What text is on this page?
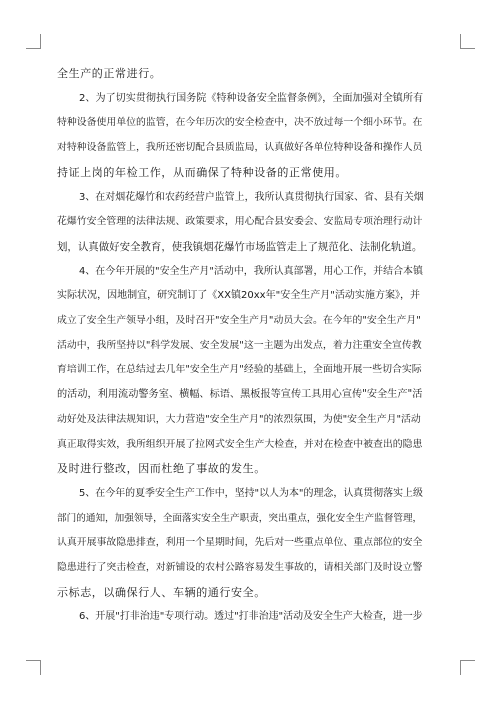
全生产的正常进行。

2、为了切实贯彻执行国务院《特种设备安全监督条例》，全面加强对全镇所有
特种设备使用单位的监管，在今年历次的安全检查中，决不放过每一个细小环节。在
对特种设备监管上，我所还密切配合县质监局，认真做好各单位特种设备和操作人员
持证上岗的年检工作，从而确保了特种设备的正常使用。

3、在对烟花爆竹和农药经营户监管上，我所认真贯彻执行国家、省、县有关烟
花爆竹安全管理的法律法规、政策要求，用心配合县安委会、安监局专项治理行动计
划，认真做好安全教育，使我镇烟花爆竹市场监管走上了规范化、法制化轨道。

4、在今年开展的"安全生产月"活动中，我所认真部署，用心工作，并结合本镇
实际状况，因地制宜，研究制订了《XX镇20xx年"安全生产月"活动实施方案》，并
成立了安全生产领导小组，及时召开"安全生产月"动员大会。在今年的"安全生产月"
活动中，我所坚持以"科学发展、安全发展"这一主题为出发点，着力注重安全宣传教
育培训工作，在总结过去几年"安全生产月"经验的基础上，全面地开展一些切合实际
的活动，利用流动警务室、横幅、标语、黑板报等宣传工具用心宣传"安全生产"活
动好处及法律法规知识，大力营造"安全生产月"的浓烈氛围，为使"安全生产月"活动
真正取得实效，我所组织开展了拉网式安全生产大检查，并对在检查中被查出的隐患
及时进行整改，因而杜绝了事故的发生。

5、在今年的夏季安全生产工作中，坚持"以人为本"的理念，认真贯彻落实上级
部门的通知，加强领导，全面落实安全生产职责，突出重点，强化安全生产监督管理，
认真开展事故隐患排查，利用一个星期时间，先后对一些重点单位、重点部位的安全
隐患进行了突击检查，对新铺设的农村公路容易发生事故的，请相关部门及时设立警
示标志，以确保行人、车辆的通行安全。

6、开展"打非治违"专项行动。透过"打非治违"活动及安全生产大检查，进一步
